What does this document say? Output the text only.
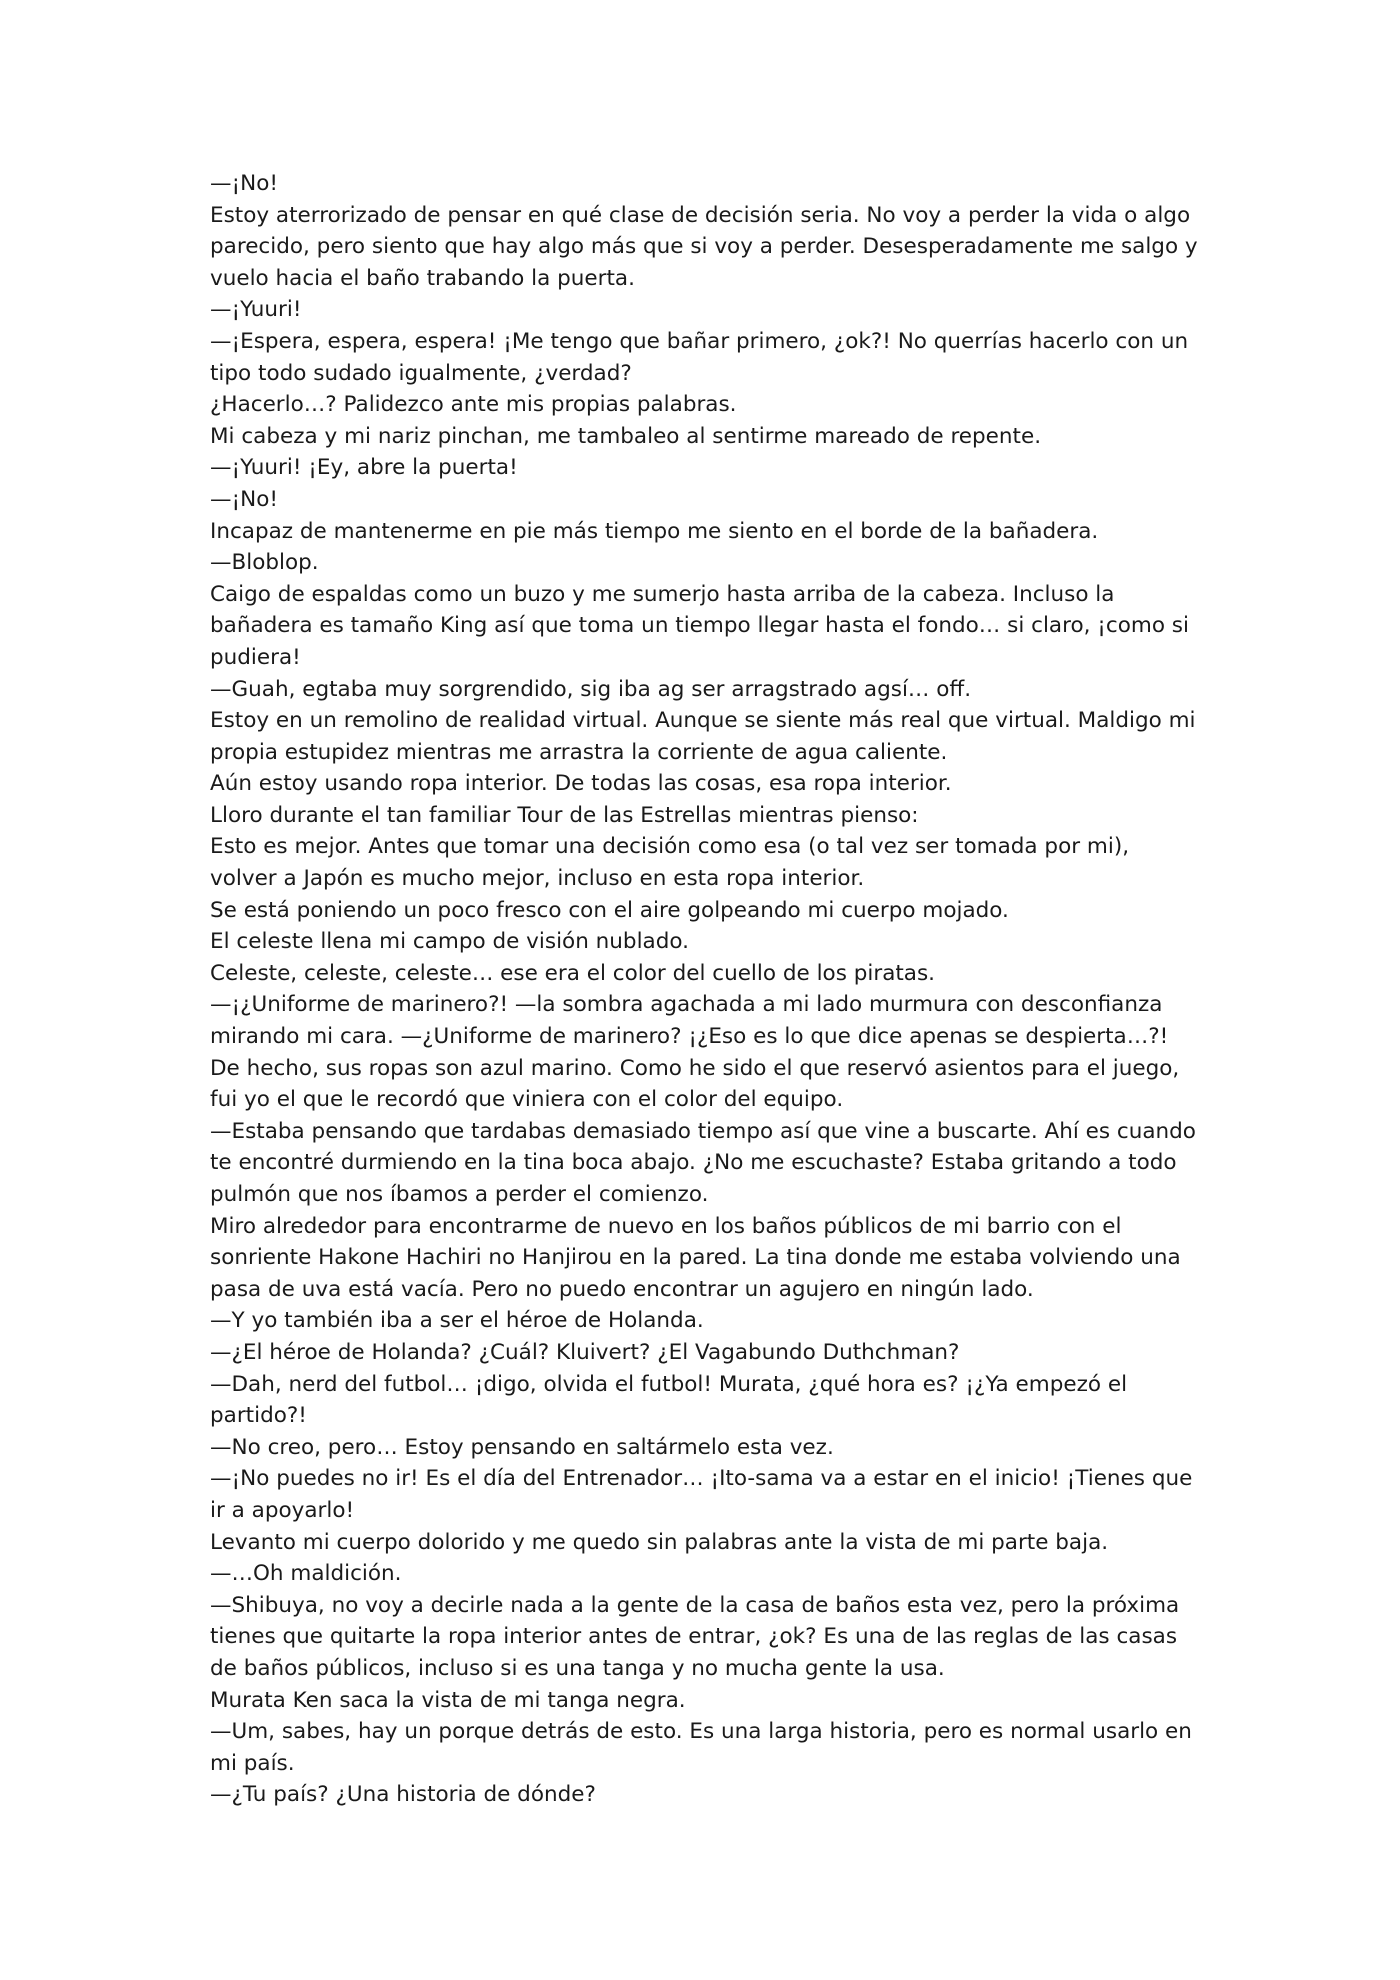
—¡No!

Estoy aterrorizado de pensar en qué clase de decisión seria. No voy a perder la vida o algo parecido, pero siento que hay algo más que si voy a perder. Desesperadamente me salgo y vuelo hacia el baño trabando la puerta.

—¡Yuuri!

—¡Espera, espera, espera! ¡Me tengo que bañar primero, ¿ok?! No querrías hacerlo con un tipo todo sudado igualmente, ¿verdad?

¿Hacerlo…? Palidezco ante mis propias palabras.

Mi cabeza y mi nariz pinchan, me tambaleo al sentirme mareado de repente.

—¡Yuuri! ¡Ey, abre la puerta!

—¡No!

Incapaz de mantenerme en pie más tiempo me siento en el borde de la bañadera.

—Bloblop.

Caigo de espaldas como un buzo y me sumerjo hasta arriba de la cabeza. Incluso la bañadera es tamaño King así que toma un tiempo llegar hasta el fondo… si claro, ¡como si pudiera!

—Guah, egtaba muy sorgrendido, sig iba ag ser arragstrado agsí… off.

Estoy en un remolino de realidad virtual. Aunque se siente más real que virtual. Maldigo mi propia estupidez mientras me arrastra la corriente de agua caliente.

Aún estoy usando ropa interior. De todas las cosas, esa ropa interior.

Lloro durante el tan familiar Tour de las Estrellas mientras pienso:

Esto es mejor. Antes que tomar una decisión como esa (o tal vez ser tomada por mi), volver a Japón es mucho mejor, incluso en esta ropa interior.

Se está poniendo un poco fresco con el aire golpeando mi cuerpo mojado.

El celeste llena mi campo de visión nublado.

Celeste, celeste, celeste… ese era el color del cuello de los piratas.

—¡¿Uniforme de marinero?! —la sombra agachada a mi lado murmura con desconfianza mirando mi cara. —¿Uniforme de marinero? ¡¿Eso es lo que dice apenas se despierta…?!

De hecho, sus ropas son azul marino. Como he sido el que reservó asientos para el juego, fui yo el que le recordó que viniera con el color del equipo.

—Estaba pensando que tardabas demasiado tiempo así que vine a buscarte. Ahí es cuando te encontré durmiendo en la tina boca abajo. ¿No me escuchaste? Estaba gritando a todo pulmón que nos íbamos a perder el comienzo.

Miro alrededor para encontrarme de nuevo en los baños públicos de mi barrio con el sonriente Hakone Hachiri no Hanjirou en la pared. La tina donde me estaba volviendo una pasa de uva está vacía. Pero no puedo encontrar un agujero en ningún lado.

—Y yo también iba a ser el héroe de Holanda.

—¿El héroe de Holanda? ¿Cuál? Kluivert? ¿El Vagabundo Duthchman?

—Dah, nerd del futbol… ¡digo, olvida el futbol! Murata, ¿qué hora es? ¡¿Ya empezó el partido?!

—No creo, pero… Estoy pensando en saltármelo esta vez.

—¡No puedes no ir! Es el día del Entrenador… ¡Ito-sama va a estar en el inicio! ¡Tienes que ir a apoyarlo!

Levanto mi cuerpo dolorido y me quedo sin palabras ante la vista de mi parte baja.

—…Oh maldición.

—Shibuya, no voy a decirle nada a la gente de la casa de baños esta vez, pero la próxima tienes que quitarte la ropa interior antes de entrar, ¿ok? Es una de las reglas de las casas de baños públicos, incluso si es una tanga y no mucha gente la usa.

Murata Ken saca la vista de mi tanga negra.

—Um, sabes, hay un porque detrás de esto. Es una larga historia, pero es normal usarlo en mi país.

—¿Tu país? ¿Una historia de dónde?
